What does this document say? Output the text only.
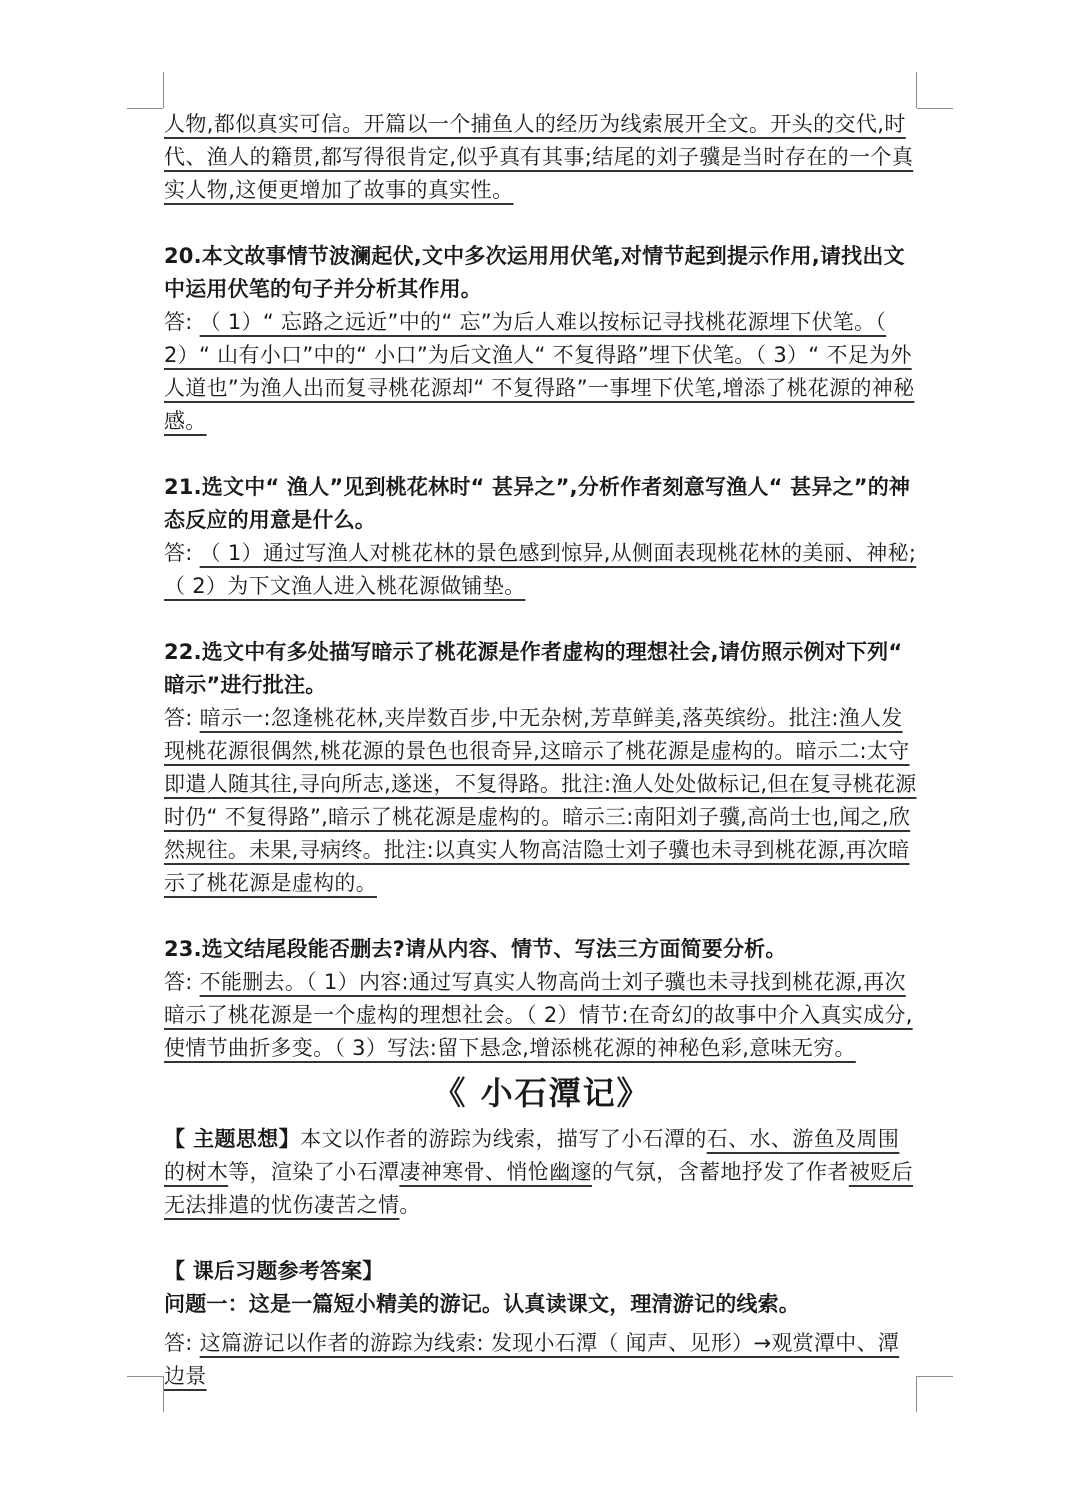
人物,都似真实可信。开篇以一个捕鱼人的经历为线索展开全文。开头的交代,时代、渔人的籍贯,都写得很肯定,似乎真有其事;结尾的刘子骥是当时存在的一个真实人物,这便更增加了故事的真实性。

20.本文故事情节波澜起伏,文中多次运用用伏笔,对情节起到提示作用,请找出文中运用伏笔的句子并分析其作用。

答: （ 1）“ 忘路之远近”中的“ 忘”为后人难以按标记寻找桃花源埋下伏笔。（ 2）“ 山有小口”中的“ 小口”为后文渔人“ 不复得路”埋下伏笔。（ 3）“ 不足为外人道也”为渔人出而复寻桃花源却“ 不复得路”一事埋下伏笔,增添了桃花源的神秘感。

21.选文中“ 渔人”见到桃花林时“ 甚异之”,分析作者刻意写渔人“ 甚异之”的神态反应的用意是什么。

答: （ 1）通过写渔人对桃花林的景色感到惊异,从侧面表现桃花林的美丽、神秘;（ 2）为下文渔人进入桃花源做铺垫。

22.选文中有多处描写暗示了桃花源是作者虚构的理想社会,请仿照示例对下列“ 暗示”进行批注。

答: 暗示一:忽逢桃花林,夹岸数百步,中无杂树,芳草鲜美,落英缤纷。批注:渔人发现桃花源很偶然,桃花源的景色也很奇异,这暗示了桃花源是虚构的。暗示二:太守即遣人随其往,寻向所志,遂迷，不复得路。批注:渔人处处做标记,但在复寻桃花源时仍“ 不复得路”,暗示了桃花源是虚构的。暗示三:南阳刘子骥,高尚士也,闻之,欣然规往。未果,寻病终。批注:以真实人物高洁隐士刘子骥也未寻到桃花源,再次暗示了桃花源是虚构的。

23.选文结尾段能否删去?请从内容、情节、写法三方面简要分析。

答: 不能删去。（ 1）内容:通过写真实人物高尚士刘子骥也未寻找到桃花源,再次暗示了桃花源是一个虚构的理想社会。（ 2）情节:在奇幻的故事中介入真实成分,使情节曲折多变。（ 3）写法:留下悬念,增添桃花源的神秘色彩,意味无穷。

《 小石潭记》

【 主题思想】本文以作者的游踪为线索，描写了小石潭的石、水、游鱼及周围的树木等，渲染了小石潭凄神寒骨、悄怆幽邃的气氛，含蓄地抒发了作者被贬后无法排遣的忧伤凄苦之情。

【 课后习题参考答案】

问题一：这是一篇短小精美的游记。认真读课文，理清游记的线索。

答: 这篇游记以作者的游踪为线索: 发现小石潭（ 闻声、见形）→观赏潭中、潭边景
